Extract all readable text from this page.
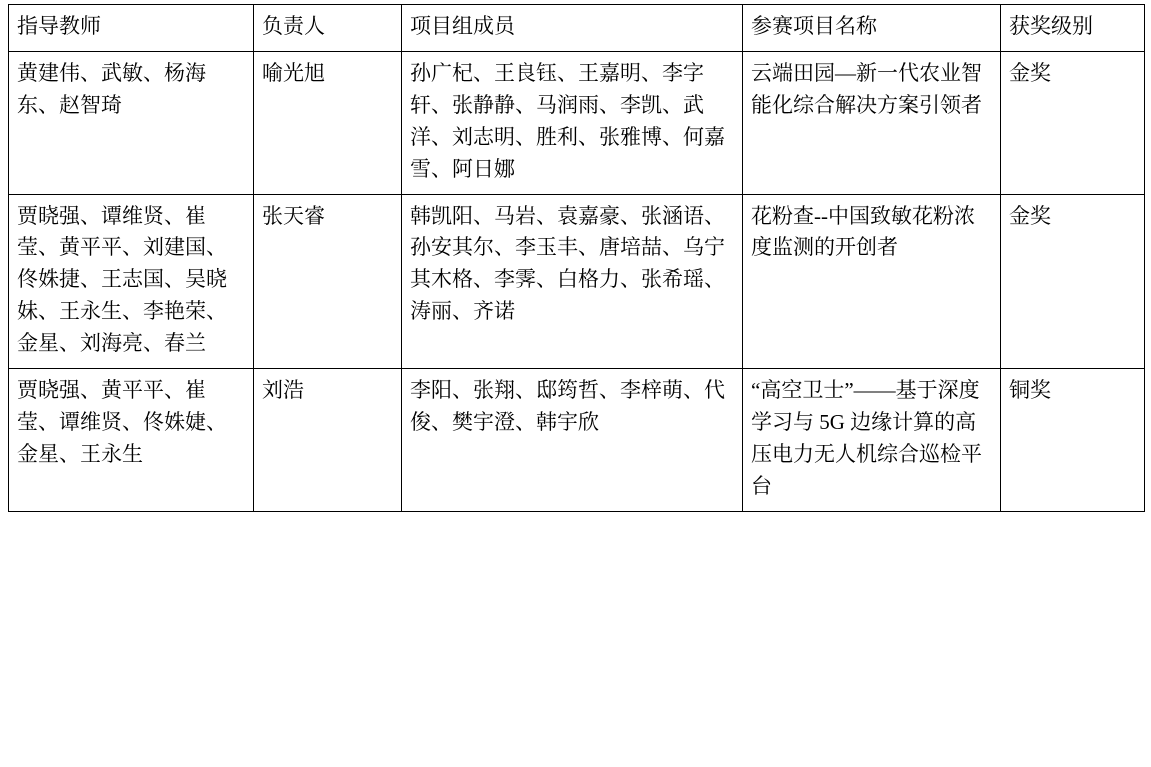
指导教师	负责人	项目组成员	参赛项目名称	获奖级别
黄建伟、武敏、杨海东、赵智琦	喻光旭	孙广杞、王良钰、王嘉明、李字轩、张静静、马润雨、李凯、武洋、刘志明、胜利、张雅博、何嘉雪、阿日娜	云端田园—新一代农业智能化综合解决方案引领者	金奖
贾晓强、谭维贤、崔莹、黄平平、刘建国、佟姝捷、王志国、吴晓妹、王永生、李艳荣、金星、刘海亮、春兰	张天睿	韩凯阳、马岩、袁嘉豪、张涵语、孙安其尔、李玉丰、唐培喆、乌宁其木格、李霁、白格力、张希瑶、涛丽、齐诺	花粉查--中国致敏花粉浓度监测的开创者	金奖
贾晓强、黄平平、崔莹、谭维贤、佟姝婕、金星、王永生	刘浩	李阳、张翔、邸筠哲、李梓萌、代俊、樊宇澄、韩宇欣	“高空卫士”——基于深度学习与 5G 边缘计算的高压电力无人机综合巡检平台	铜奖
